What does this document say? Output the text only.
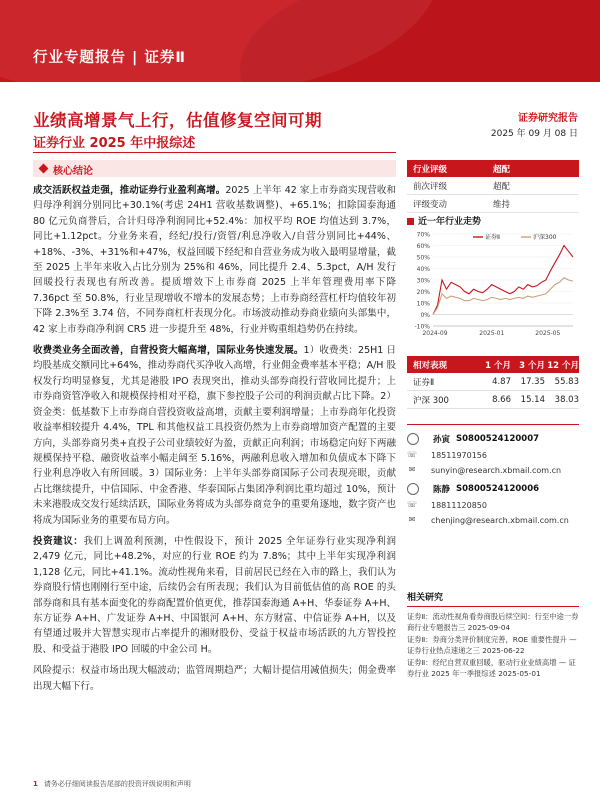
行业专题报告 | 证券Ⅱ
业绩高增景气上行，估值修复空间可期
证券行业 2025 年中报综述
证券研究报告
2025 年 09 月 08 日
核心结论

成交活跃权益走强，推动证券行业盈利高增。2025 上半年 42 家上市券商实现营收和归母净利润分别同比+30.1%(考虑 24H1 营收基数调整)、+65.1%；扣除国泰海通 80 亿元负商誉后，合计归母净利润同比+52.4%：加权平均 ROE 均值达到 3.7%，同比+1.12pct。分业务来看，经纪/投行/资管/利息净收入/自营分别同比+44%、+18%、-3%、+31%和+47%，权益回暖下经纪和自营业务成为收入最明显增量，截至 2025 上半年来收入占比分别为 25%和 46%，同比提升 2.4、5.3pct，A/H 发行回暖投行表现也有所改善。提质增效下上市券商 2025 上半年管理费用率下降 7.36pct 至 50.8%，行业呈现增收不增本的发展态势；上市券商经营杠杆均值较年初下降 2.3%至 3.74 倍，不同券商杠杆表现分化。市场波动推动券商业绩向头部集中，42 家上市券商净利润 CR5 进一步提升至 48%，行业并购重组趋势仍在持续。

收费类业务全面改善，自营投资大幅高增，国际业务快速发展。1）收费类：25H1 日均股基成交额同比+64%，推动券商代买净收入高增，行业佣金费率基本平稳；A/H 股权发行均明显修复，尤其是港股 IPO 表现突出，推动头部券商投行营收同比提升；上市券商资管净收入和规模保持相对平稳，旗下参控股子公司的利润贡献占比下降。2）资金类：低基数下上市券商自营投资收益高增，贡献主要利润增量；上市券商年化投资收益率相较提升 4.4%，TPL 和其他权益工具投资仍然为上市券商增加资产配置的主要方向，头部券商另类+直投子公司业绩较好为盈，贡献正向利润；市场稳定向好下两融规模保持平稳、融资收益率小幅走阔至 5.16%，两融利息收入增加和负债成本下降下行业利息净收入有所回暖。3）国际业务：上半年头部券商国际子公司表现亮眼，贡献占比继续提升，中信国际、中金香港、华泰国际占集团净利润比重均超过 10%，预计未来港股成交发行延续活跃，国际业务将成为头部券商竞争的重要角逐地，数字资产也将成为国际业务的重要布局方向。

投资建议：我们上调盈利预测，中性假设下，预计 2025 全年证券行业实现净利润 2,479 亿元，同比+48.2%，对应的行业 ROE 约为 7.8%；其中上半年实现净利润 1,128 亿元，同比+41.1%。流动性视角来看，目前居民已经在入市的路上，我们认为券商股行情也刚刚行至中途，后续仍会有所表现；我们认为目前低估值的高 ROE 的头部券商和具有基本面变化的券商配置价值更优，推荐国泰海通 A+H、华泰证券 A+H、东方证券 A+H、广发证券 A+H、中国银河 A+H、东方财富、中信证券 A+H，以及有望通过吸并大智慧实现市占率提升的湘财股份、受益于权益市场活跃的九方智投控股、和受益于港股 IPO 回暖的中金公司 H。

风险提示：权益市场出现大幅波动；监管周期趋严；大幅计提信用减值损失；佣金费率出现大幅下行。

行业评级	超配
前次评级	超配
评级变动	维持
近一年行业走势
-10%
0%
10%
20%
30%
40%
50%
60%
70%
2024-09	2025-01	2025-05
证券Ⅱ	沪深300
相对表现	1 个月 3 个月 12 个月
证券Ⅱ	4.87	17.35	55.83
沪深 300	8.66	15.14	38.03
孙寅 S0800524120007
☏ 18511970156
✉ sunyin@research.xbmail.com.cn
陈静 S0800524120006
☏ 18811120850
✉ chenjing@research.xbmail.com.cn
相关研究

证券Ⅱ：流动性视角看券商股后续空间：行至中途一券商行业专题报告三 2025-09-04

证券Ⅱ：券商分类评价制度完善，ROE 重要性提升 — 证券行业热点速递之三 2025-06-22

证券Ⅱ：经纪自营双重回暖，驱动行业业绩高增 — 证券行业 2025 年一季报综述 2025-05-01

1 请务必仔细阅读报告尾部的投资评级说明和声明
